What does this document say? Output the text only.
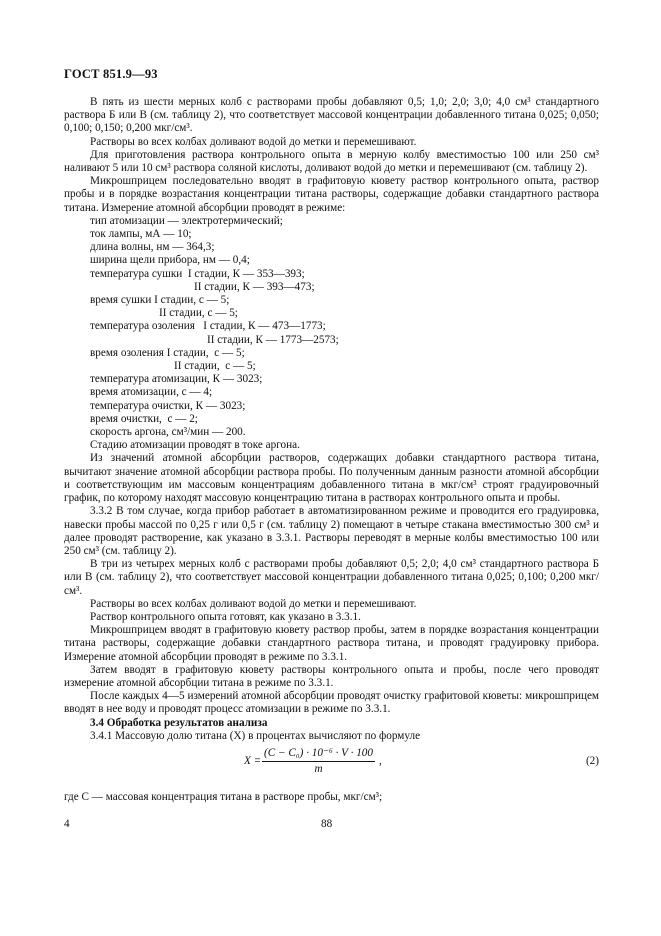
ГОСТ 851.9—93

В пять из шести мерных колб с растворами пробы добавляют 0,5; 1,0; 2,0; 3,0; 4,0 см³ стандартного раствора Б или В (см. таблицу 2), что соответствует массовой концентрации добавленного титана 0,025; 0,050; 0,100; 0,150; 0,200 мкг/см³.

Растворы во всех колбах доливают водой до метки и перемешивают.

Для приготовления раствора контрольного опыта в мерную колбу вместимостью 100 или 250 см³ наливают 5 или 10 см³ раствора соляной кислоты, доливают водой до метки и перемешивают (см. таблицу 2).

Микрошприцем последовательно вводят в графитовую кювету раствор контрольного опыта, раствор пробы и в порядке возрастания концентрации титана растворы, содержащие добавки стандартного раствора титана. Измерение атомной абсорбции проводят в режиме:

тип атомизации — электротермический;
ток лампы, мА — 10;
длина волны, нм — 364,3;
ширина щели прибора, нм — 0,4;
температура сушки  I стадии, К — 353—393;
II стадии, К — 393—473;
время сушки I стадии, с — 5;
II стадии, с — 5;
температура озоления   I стадии, К — 473—1773;
II стадии, К — 1773—2573;
время озоления I стадии,  с — 5;
II стадии,  с — 5;
температура атомизации, К — 3023;
время атомизации, с — 4;
температура очистки, К — 3023;
время очистки,  с — 2;
скорость аргона, см³/мин — 200.
Стадию атомизации проводят в токе аргона.

Из значений атомной абсорбции растворов, содержащих добавки стандартного раствора титана, вычитают значение атомной абсорбции раствора пробы. По полученным данным разности атомной абсорбции и соответствующим им массовым концентрациям добавленного титана в мкг/см³ строят градуировочный график, по которому находят массовую концентрацию титана в растворах контрольного опыта и пробы.

3.3.2 В том случае, когда прибор работает в автоматизированном режиме и проводится его градуировка, навески пробы массой по 0,25 г или 0,5 г (см. таблицу 2) помещают в четыре стакана вместимостью 300 см³ и далее проводят растворение, как указано в 3.3.1. Растворы переводят в мерные колбы вместимостью 100 или 250 см³ (см. таблицу 2).

В три из четырех мерных колб с растворами пробы добавляют 0,5; 2,0; 4,0 см³ стандартного раствора Б или В (см. таблицу 2), что соответствует массовой концентрации добавленного титана 0,025; 0,100; 0,200 мкг/см³.

Растворы во всех колбах доливают водой до метки и перемешивают.

Раствор контрольного опыта готовят, как указано в 3.3.1.

Микрошприцем вводят в графитовую кювету раствор пробы, затем в порядке возрастания концентрации титана растворы, содержащие добавки стандартного раствора титана, и проводят градуировку прибора. Измерение атомной абсорбции проводят в режиме по 3.3.1.

Затем вводят в графитовую кювету растворы контрольного опыта и пробы, после чего проводят измерение атомной абсорбции титана в режиме по 3.3.1.

После каждых 4—5 измерений атомной абсорбции проводят очистку графитовой кюветы: микрошприцем вводят в нее воду и проводят процесс атомизации в режиме по 3.3.1.

3.4 Обработка результатов анализа

3.4.1 Массовую долю титана (X) в процентах вычисляют по формуле

$X = \frac{\text{(C − C₀) · 10⁻⁶ · V · 100}}{m}$ ,	(2)

где C — массовая концентрация титана в растворе пробы, мкг/см³;

4	88
